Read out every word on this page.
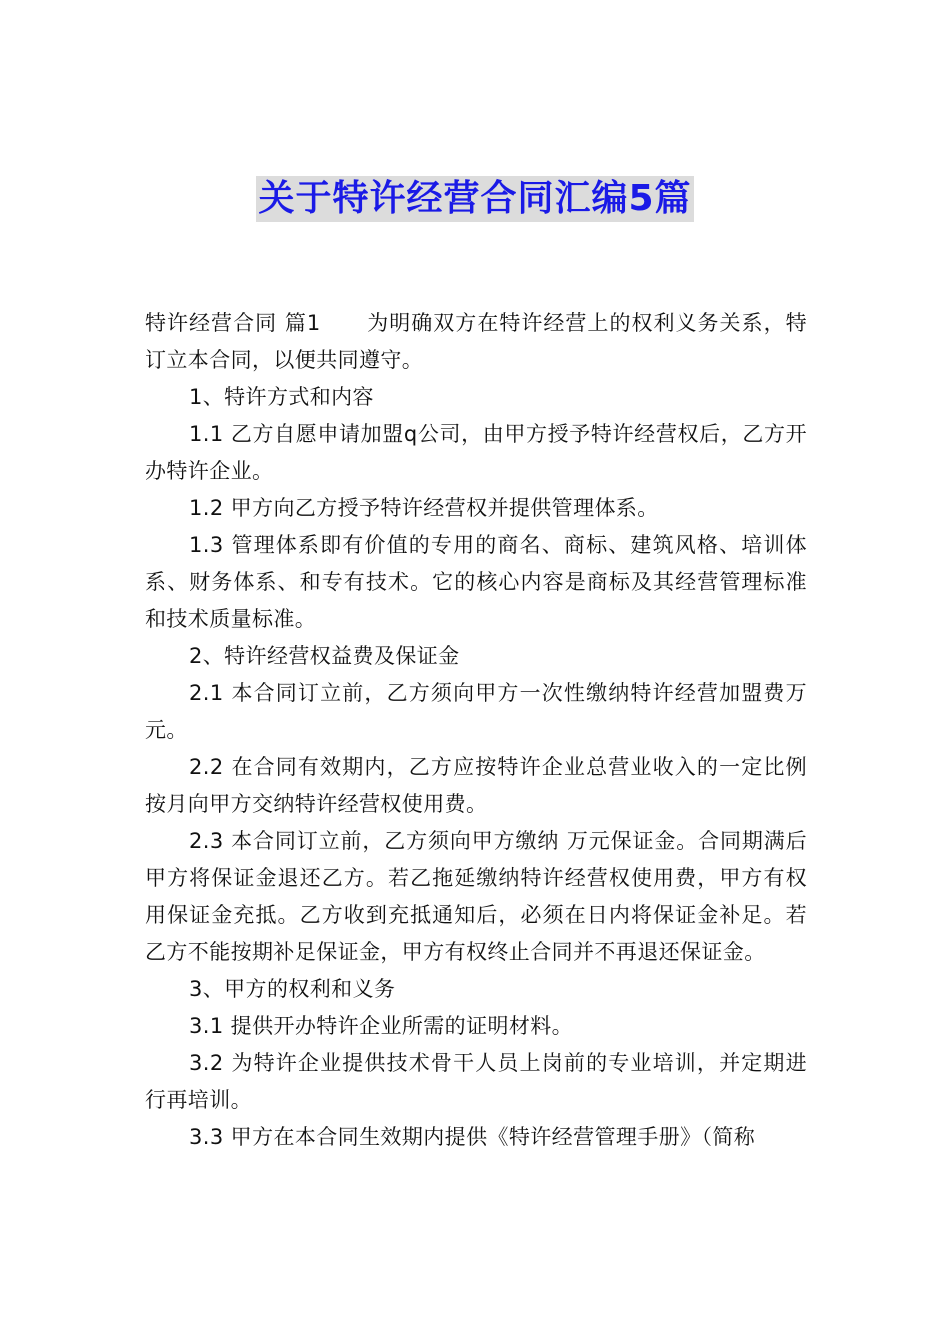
关于特许经营合同汇编5篇

特许经营合同 篇1 为明确双方在特许经营上的权利义务关系，特订立本合同，以便共同遵守。

1、特许方式和内容

1.1 乙方自愿申请加盟q公司，由甲方授予特许经营权后，乙方开办特许企业。

1.2 甲方向乙方授予特许经营权并提供管理体系。

1.3 管理体系即有价值的专用的商名、商标、建筑风格、培训体系、财务体系、和专有技术。它的核心内容是商标及其经营管理标准和技术质量标准。

2、特许经营权益费及保证金

2.1 本合同订立前，乙方须向甲方一次性缴纳特许经营加盟费万元。

2.2 在合同有效期内，乙方应按特许企业总营业收入的一定比例按月向甲方交纳特许经营权使用费。

2.3 本合同订立前，乙方须向甲方缴纳 万元保证金。合同期满后甲方将保证金退还乙方。若乙拖延缴纳特许经营权使用费，甲方有权用保证金充抵。乙方收到充抵通知后，必须在日内将保证金补足。若乙方不能按期补足保证金，甲方有权终止合同并不再退还保证金。

3、甲方的权利和义务

3.1 提供开办特许企业所需的证明材料。

3.2 为特许企业提供技术骨干人员上岗前的专业培训，并定期进行再培训。

3.3 甲方在本合同生效期内提供《特许经营管理手册》（简称
